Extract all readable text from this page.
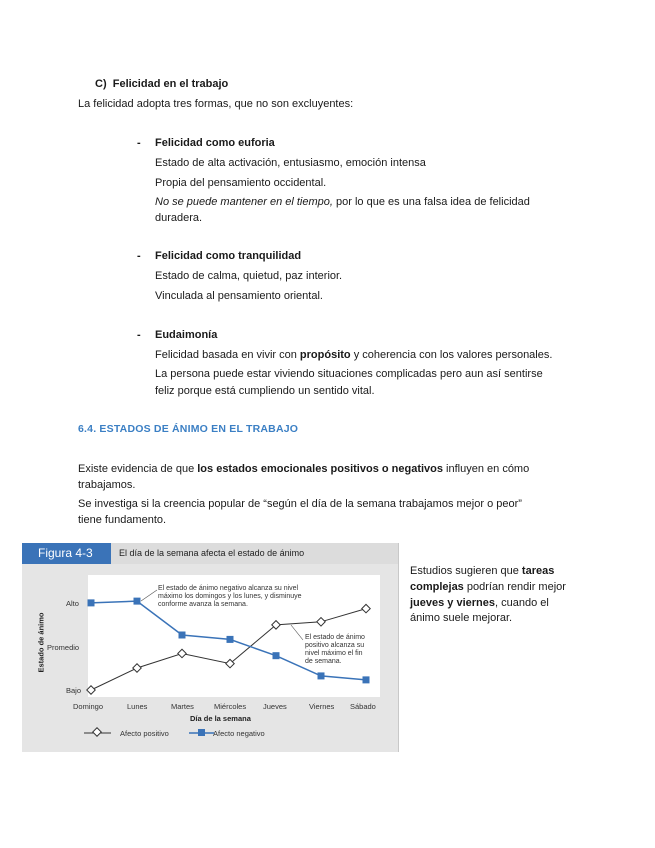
C) Felicidad en el trabajo
La felicidad adopta tres formas, que no son excluyentes:
- Felicidad como euforia
Estado de alta activación, entusiasmo, emoción intensa
Propia del pensamiento occidental.
No se puede mantener en el tiempo, por lo que es una falsa idea de felicidad
duradera.
- Felicidad como tranquilidad
Estado de calma, quietud, paz interior.
Vinculada al pensamiento oriental.
- Eudaimonía
Felicidad basada en vivir con propósito y coherencia con los valores personales.
La persona puede estar viviendo situaciones complicadas pero aun así sentirse
feliz porque está cumpliendo un sentido vital.
6.4. ESTADOS DE ÁNIMO EN EL TRABAJO
Existe evidencia de que los estados emocionales positivos o negativos influyen en cómo
trabajamos.
Se investiga si la creencia popular de “según el día de la semana trabajamos mejor o peor”
tiene fundamento.
Figura 4-3	El día de la semana afecta el estado de ánimo
Estado de ánimo
Alto
Promedio
Bajo
Domingo	Lunes	Martes	Miércoles Jueves	Viernes Sábado
Día de la semana
El estado de ánimo negativo alcanza su nivel
máximo los domingos y los lunes, y disminuye
conforme avanza la semana.
El estado de ánimo
positivo alcanza su
nivel máximo el fin
de semana.
Afecto positivo	Afecto negativo
Estudios sugieren que tareas
complejas podrían rendir mejor
jueves y viernes, cuando el
ánimo suele mejorar.
